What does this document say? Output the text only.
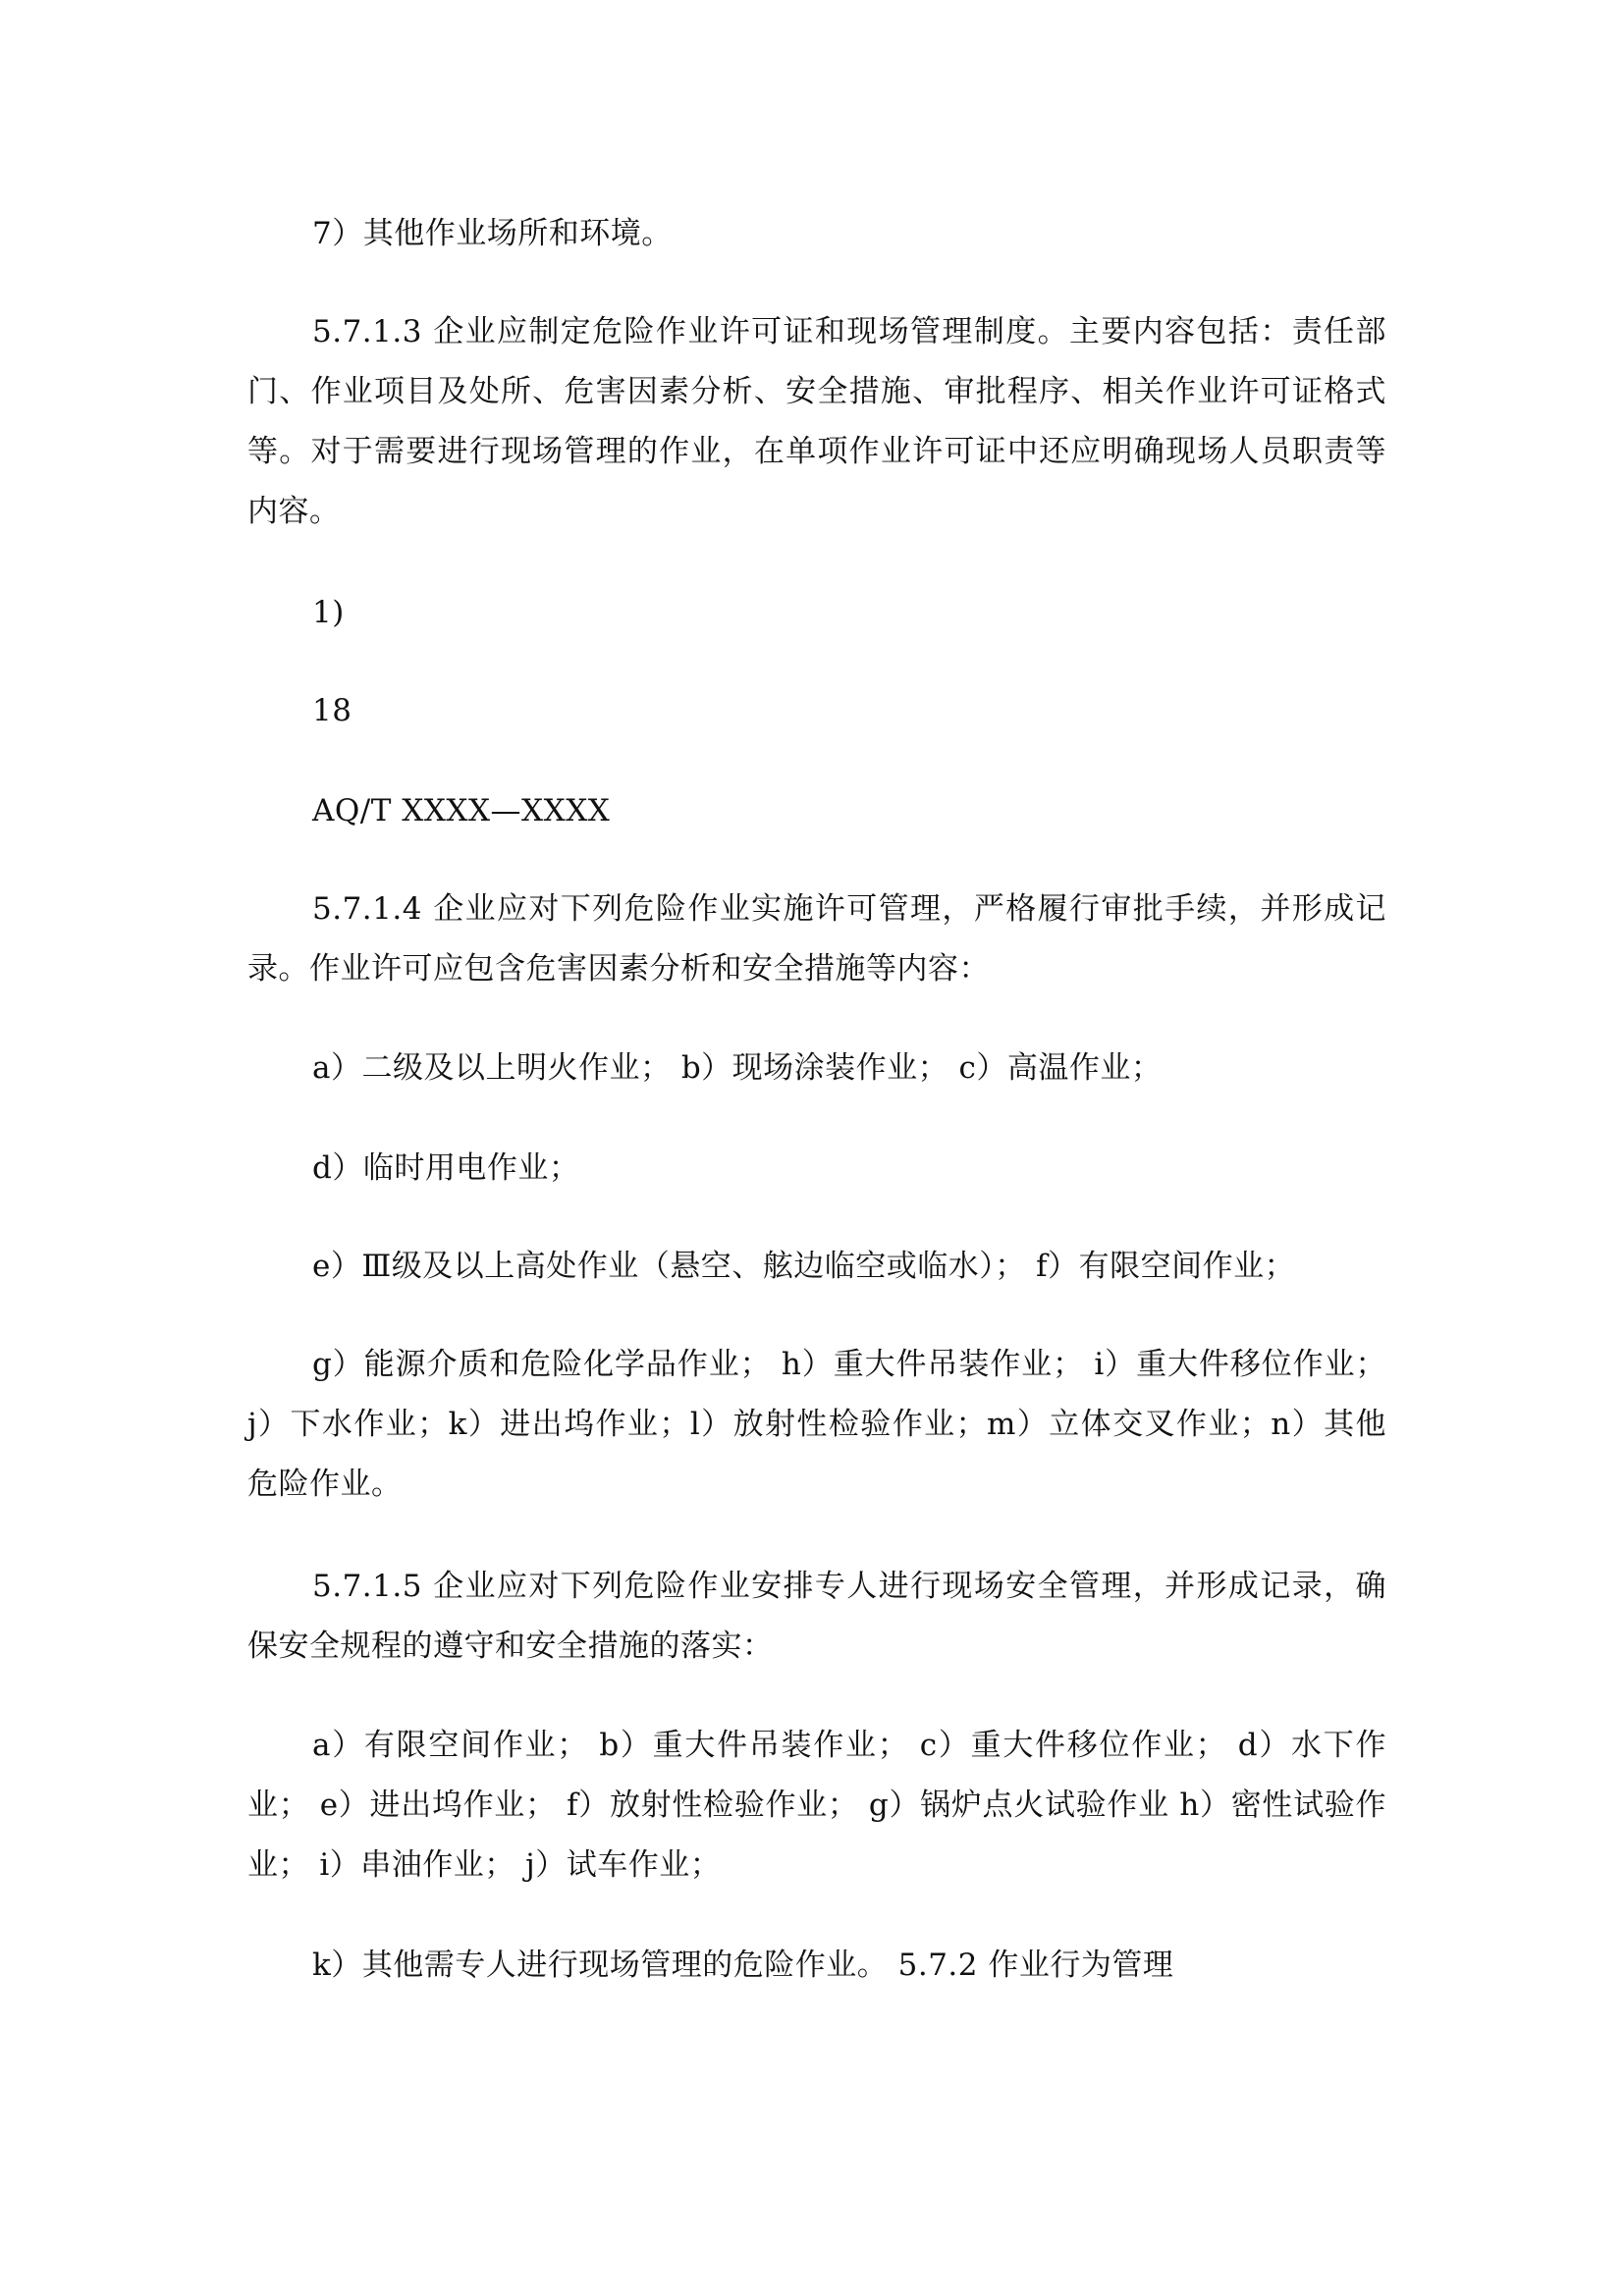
7）其他作业场所和环境。

5.7.1.3 企业应制定危险作业许可证和现场管理制度。主要内容包括：责任部门、作业项目及处所、危害因素分析、安全措施、审批程序、相关作业许可证格式等。对于需要进行现场管理的作业，在单项作业许可证中还应明确现场人员职责等内容。

1)

18

AQ/T XXXX—XXXX

5.7.1.4 企业应对下列危险作业实施许可管理，严格履行审批手续，并形成记录。作业许可应包含危害因素分析和安全措施等内容：

a）二级及以上明火作业； b）现场涂装作业； c）高温作业；

d）临时用电作业；

e）Ⅲ级及以上高处作业（悬空、舷边临空或临水）； f）有限空间作业；

g）能源介质和危险化学品作业； h）重大件吊装作业； i）重大件移位作业； j）下水作业；k）进出坞作业；l）放射性检验作业；m）立体交叉作业；n）其他危险作业。

5.7.1.5 企业应对下列危险作业安排专人进行现场安全管理，并形成记录，确保安全规程的遵守和安全措施的落实：

a）有限空间作业； b）重大件吊装作业； c）重大件移位作业； d）水下作业； e）进出坞作业； f）放射性检验作业； g）锅炉点火试验作业 h）密性试验作业； i）串油作业； j）试车作业；

k）其他需专人进行现场管理的危险作业。 5.7.2 作业行为管理
